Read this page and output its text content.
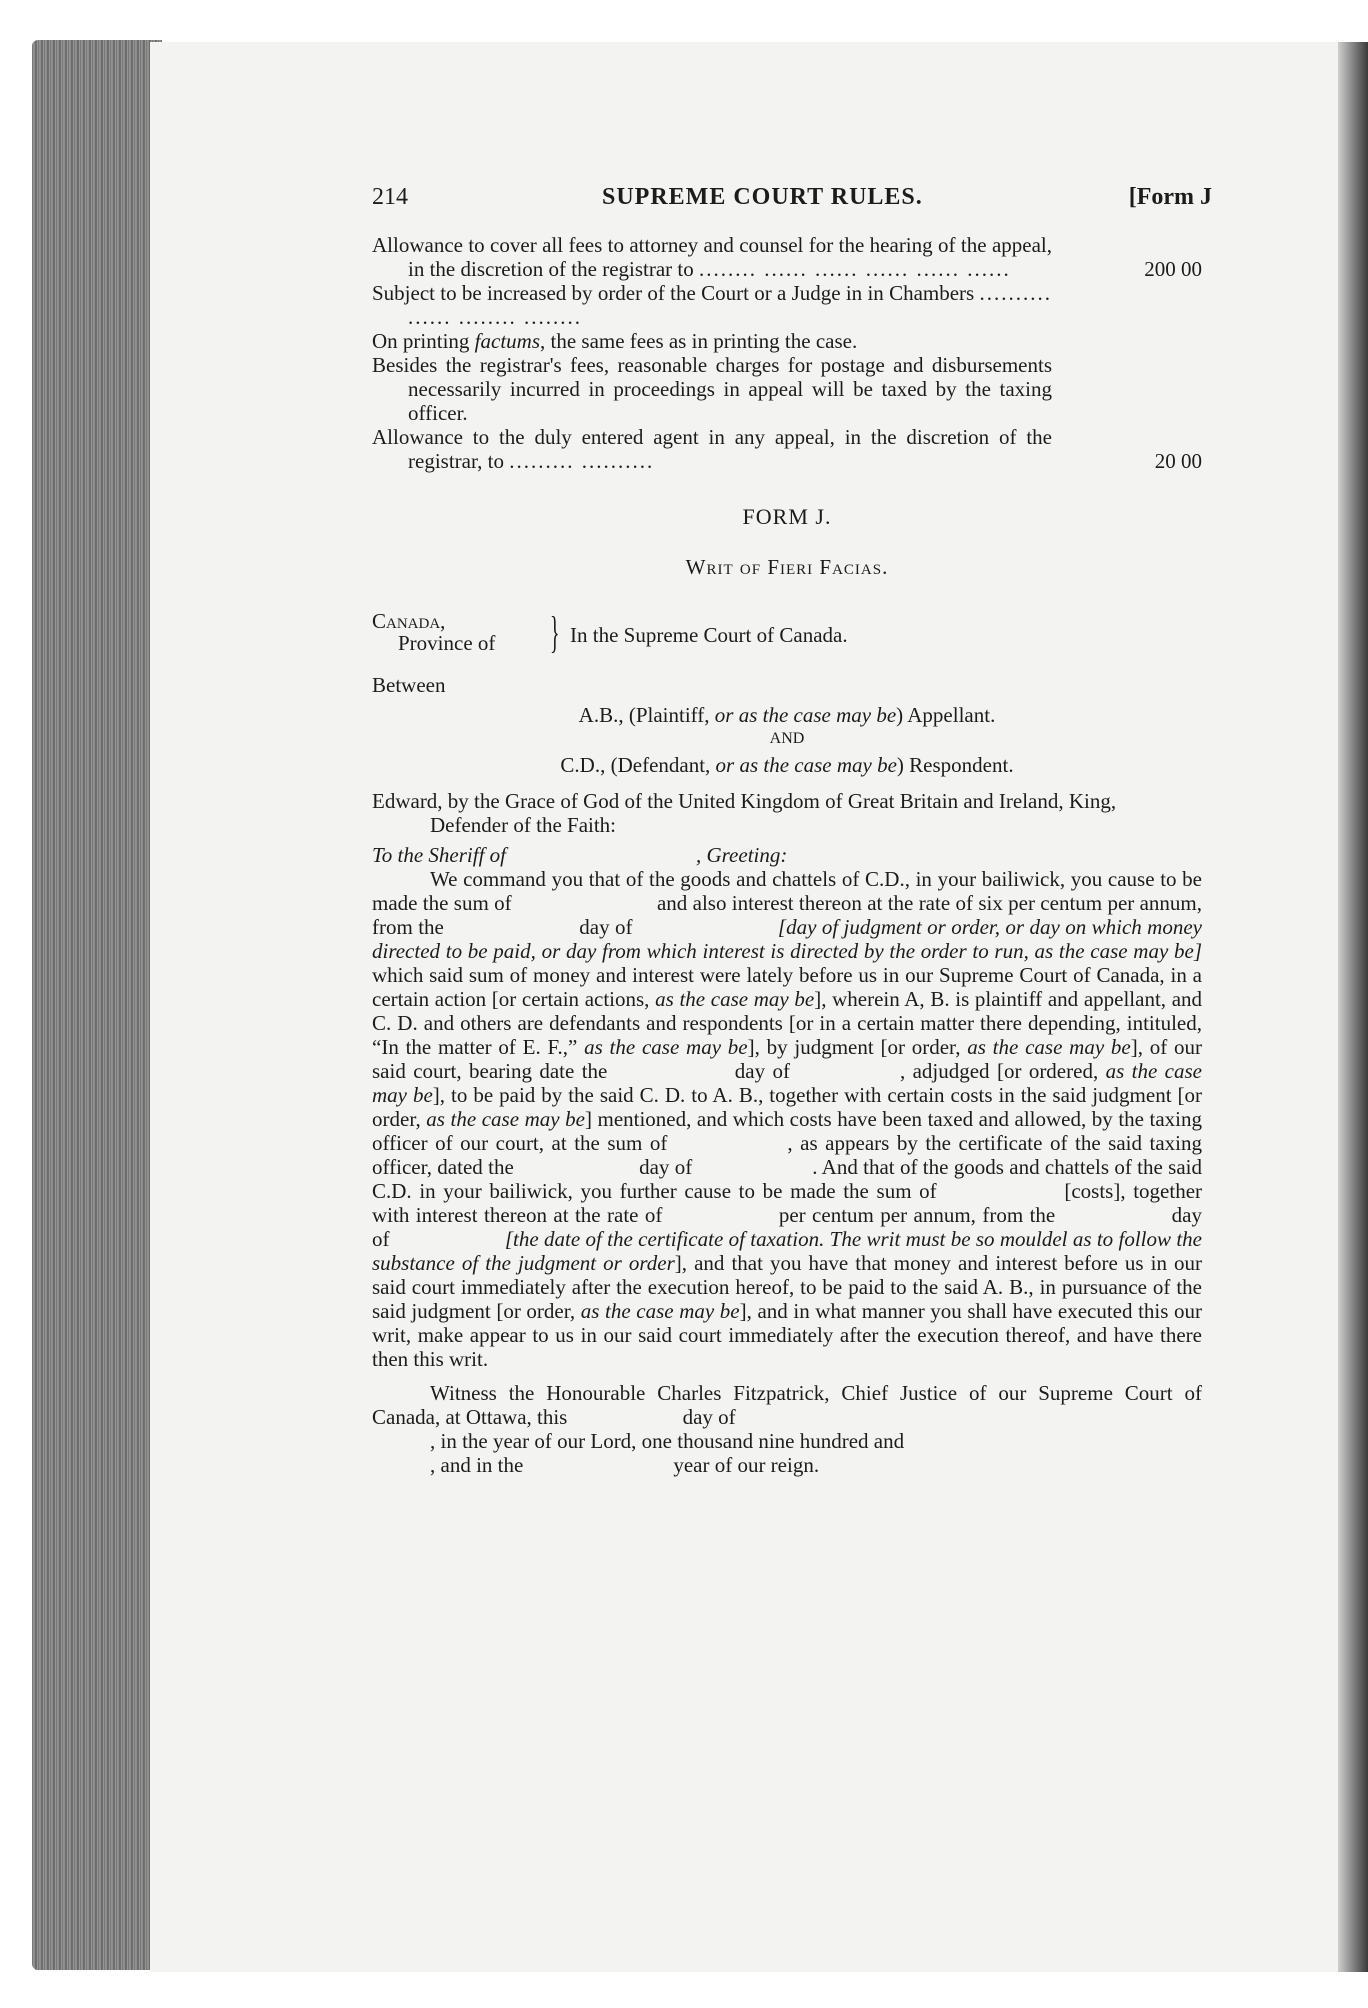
214	SUPREME COURT RULES.	[Form J
Allowance to cover all fees to attorney and counsel for the hearing of the appeal, in the discretion of the registrar to ........ ...... ...... ...... ...... ......	200 00
Subject to be increased by order of the Court or a Judge in in Chambers .......... ...... ........ ........
On printing factums, the same fees as in printing the case.
Besides the registrar's fees, reasonable charges for postage and disbursements necessarily incurred in proceedings in appeal will be taxed by the taxing officer.
Allowance to the duly entered agent in any appeal, in the discretion of the registrar, to ......... ..........	20 00
FORM J.
Writ of Fieri Facias.
Canada,
Province of } In the Supreme Court of Canada.
Between
A.B., (Plaintiff, or as the case may be) Appellant.
AND
C.D., (Defendant, or as the case may be) Respondent.

Edward, by the Grace of God of the United Kingdom of Great Britain and Ireland, King,

Defender of the Faith:

To the Sheriff of	, Greeting:

We command you that of the goods and chattels of C.D., in your bailiwick, you cause to be made the sum of	and also interest thereon at the rate of six per centum per annum, from the	day of	[day of judgment or order, or day on which money directed to be paid, or day from which interest is directed by the order to run, as the case may be] which said sum of money and interest were lately before us in our Supreme Court of Canada, in a certain action [or certain actions, as the case may be], wherein A, B. is plaintiff and appellant, and C. D. and others are defendants and respondents [or in a certain matter there depending, intituled, “In the matter of E. F.,” as the case may be], by judgment [or order, as the case may be], of our said court, bearing date the	day of	, adjudged [or ordered, as the case may be], to be paid by the said C. D. to A. B., together with certain costs in the said judgment [or order, as the case may be] mentioned, and which costs have been taxed and allowed, by the taxing officer of our court, at the sum of	, as appears by the certificate of the said taxing officer, dated the	day of	. And that of the goods and chattels of the said C.D. in your bailiwick, you further cause to be made the sum of	[costs], together with interest thereon at the rate of	per centum per annum, from the	day of	[the date of the certificate of taxation. The writ must be so mouldel as to follow the substance of the judgment or order], and that you have that money and interest before us in our said court immediately after the execution hereof, to be paid to the said A. B., in pursuance of the said judgment [or order, as the case may be], and in what manner you shall have executed this our writ, make appear to us in our said court immediately after the execution thereof, and have there then this writ.

Witness the Honourable Charles Fitzpatrick, Chief Justice of our Supreme Court of Canada, at Ottawa, this	day of

, in the year of our Lord, one thousand nine hundred and

, and in the	year of our reign.
